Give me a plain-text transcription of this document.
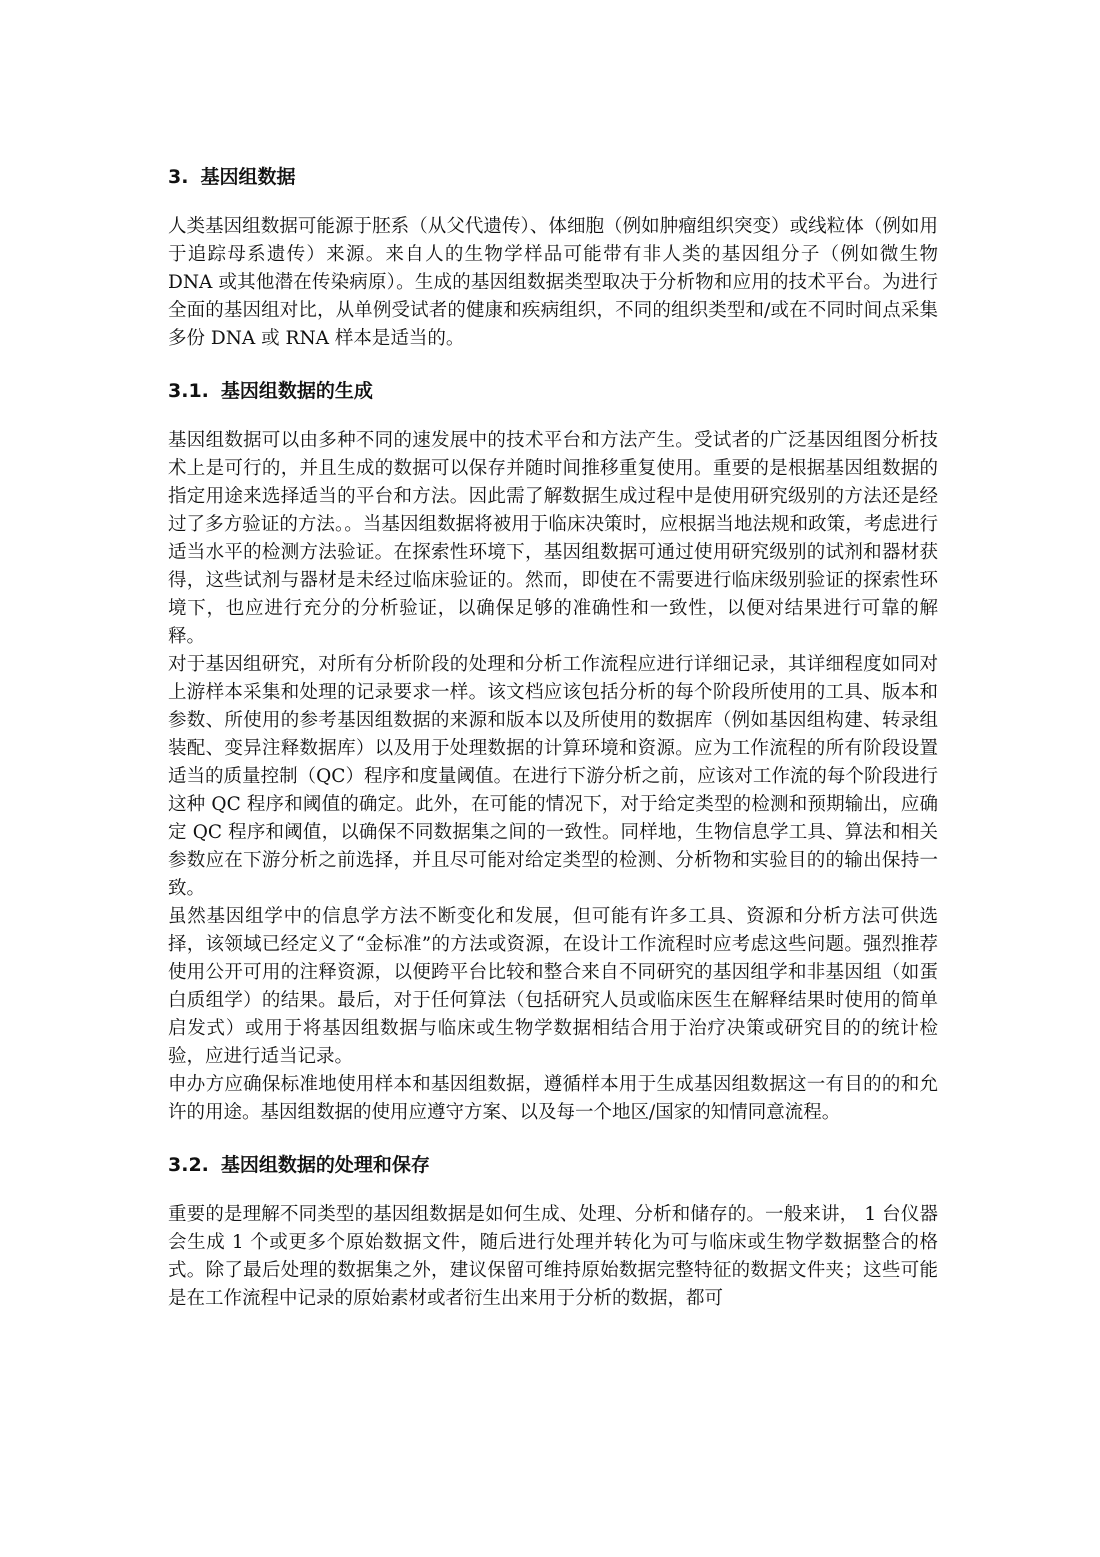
3. 基因组数据

人类基因组数据可能源于胚系（从父代遗传）、体细胞（例如肿瘤组织突变）或线粒体（例如用于追踪母系遗传）来源。来自人的生物学样品可能带有非人类的基因组分子（例如微生物 DNA 或其他潜在传染病原）。生成的基因组数据类型取决于分析物和应用的技术平台。为进行全面的基因组对比，从单例受试者的健康和疾病组织，不同的组织类型和/或在不同时间点采集多份 DNA 或 RNA 样本是适当的。

3.1. 基因组数据的生成

基因组数据可以由多种不同的速发展中的技术平台和方法产生。受试者的广泛基因组图分析技术上是可行的，并且生成的数据可以保存并随时间推移重复使用。重要的是根据基因组数据的指定用途来选择适当的平台和方法。因此需了解数据生成过程中是使用研究级别的方法还是经过了多方验证的方法。。当基因组数据将被用于临床决策时，应根据当地法规和政策，考虑进行适当水平的检测方法验证。在探索性环境下，基因组数据可通过使用研究级别的试剂和器材获得，这些试剂与器材是未经过临床验证的。然而，即使在不需要进行临床级别验证的探索性环境下，也应进行充分的分析验证，以确保足够的准确性和一致性，以便对结果进行可靠的解释。

对于基因组研究，对所有分析阶段的处理和分析工作流程应进行详细记录，其详细程度如同对上游样本采集和处理的记录要求一样。该文档应该包括分析的每个阶段所使用的工具、版本和参数、所使用的参考基因组数据的来源和版本以及所使用的数据库（例如基因组构建、转录组装配、变异注释数据库）以及用于处理数据的计算环境和资源。应为工作流程的所有阶段设置适当的质量控制（QC）程序和度量阈值。在进行下游分析之前，应该对工作流的每个阶段进行这种 QC 程序和阈值的确定。此外，在可能的情况下，对于给定类型的检测和预期输出，应确定 QC 程序和阈值，以确保不同数据集之间的一致性。同样地，生物信息学工具、算法和相关参数应在下游分析之前选择，并且尽可能对给定类型的检测、分析物和实验目的的输出保持一致。

虽然基因组学中的信息学方法不断变化和发展，但可能有许多工具、资源和分析方法可供选择，该领域已经定义了“金标准”的方法或资源，在设计工作流程时应考虑这些问题。强烈推荐使用公开可用的注释资源，以便跨平台比较和整合来自不同研究的基因组学和非基因组（如蛋白质组学）的结果。最后，对于任何算法（包括研究人员或临床医生在解释结果时使用的简单启发式）或用于将基因组数据与临床或生物学数据相结合用于治疗决策或研究目的的统计检验，应进行适当记录。

申办方应确保标准地使用样本和基因组数据，遵循样本用于生成基因组数据这一有目的的和允许的用途。基因组数据的使用应遵守方案、以及每一个地区/国家的知情同意流程。

3.2. 基因组数据的处理和保存

重要的是理解不同类型的基因组数据是如何生成、处理、分析和储存的。一般来讲， 1 台仪器会生成 1 个或更多个原始数据文件，随后进行处理并转化为可与临床或生物学数据整合的格式。除了最后处理的数据集之外，建议保留可维持原始数据完整特征的数据文件夹；这些可能是在工作流程中记录的原始素材或者衍生出来用于分析的数据，都可
